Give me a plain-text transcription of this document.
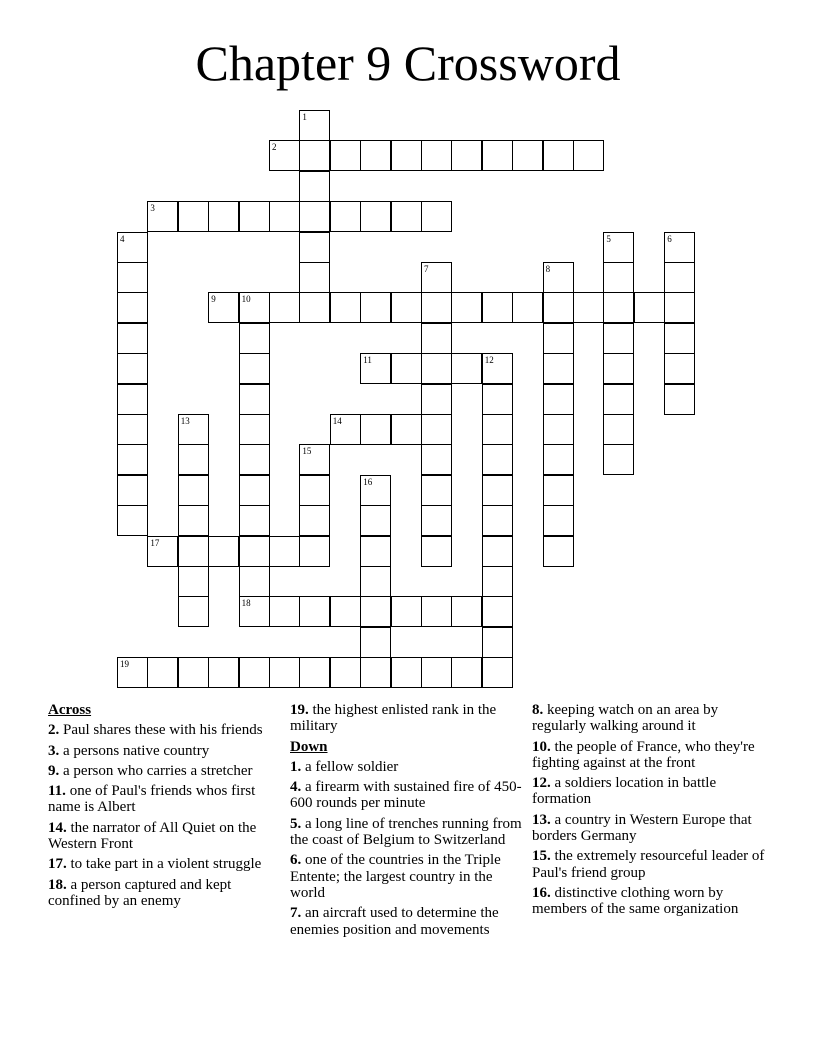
Chapter 9 Crossword
1
2
3
4	5	6
7	8
9	10
11	12
13	14
15
16
17
18
19
Across
2. Paul shares these with his friends
3. a persons native country
9. a person who carries a stretcher
11. one of Paul's friends whos first name is Albert
14. the narrator of All Quiet on the Western Front
17. to take part in a violent struggle
18. a person captured and kept confined by an enemy
19. the highest enlisted rank in the military
Down
1. a fellow soldier
4. a firearm with sustained fire of 450-600 rounds per minute
5. a long line of trenches running from the coast of Belgium to Switzerland
6. one of the countries in the Triple Entente; the largest country in the world
7. an aircraft used to determine the enemies position and movements
8. keeping watch on an area by regularly walking around it
10. the people of France, who they're fighting against at the front
12. a soldiers location in battle formation
13. a country in Western Europe that borders Germany
15. the extremely resourceful leader of Paul's friend group
16. distinctive clothing worn by members of the same organization
